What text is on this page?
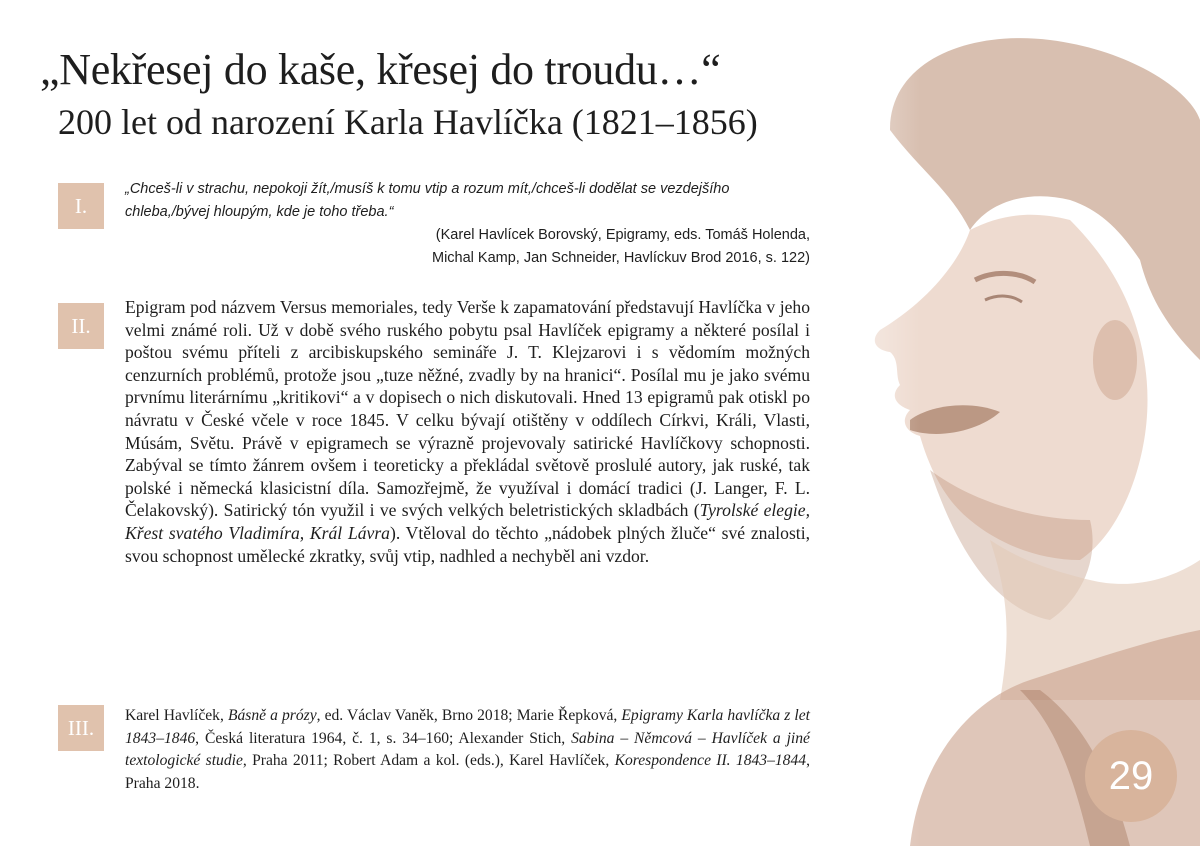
„Nekřesej do kaše, křesej do troudu…“
200 let od narození Karla Havlíčka (1821–1856)
I.

„Chceš-li v strachu, nepokoji žít,/musíš k tomu vtip a rozum mít,/chceš-li dodělat se vezdejšího chleba,/bývej hloupým, kde je toho třeba.“

(Karel Havlícek Borovský, Epigramy, eds. Tomáš Holenda,

Michal Kamp, Jan Schneider, Havlíckuv Brod 2016, s. 122)

II.

Epigram pod názvem Versus memoriales, tedy Verše k zapamatování představují Havlíčka v jeho velmi známé roli. Už v době svého ruského pobytu psal Havlíček epigramy a některé posílal i poštou svému příteli z arcibiskupského semináře J. T. Klejzarovi i s vědomím možných cenzurních problémů, protože jsou „tuze něžné, zvadly by na hranici“. Posílal mu je jako svému prvnímu literárnímu „kritikovi“ a v dopisech o nich diskutovali. Hned 13 epigramů pak otiskl po návratu v České včele v roce 1845. V celku bývají otištěny v oddílech Církvi, Králi, Vlasti, Músám, Světu. Právě v epigramech se výrazně projevovaly satirické Havlíčkovy schopnosti. Zabýval se tímto žánrem ovšem i teoreticky a překládal světově proslulé autory, jak ruské, tak polské i německá klasicistní díla. Samozřejmě, že využíval i domácí tradici (J. Langer, F. L. Čelakovský). Satirický tón využil i ve svých velkých beletristických skladbách (Tyrolské elegie, Křest svatého Vladimíra, Král Lávra). Vtěloval do těchto „nádobek plných žluče“ své znalosti, svou schopnost umělecké zkratky, svůj vtip, nadhled a nechyběl ani vzdor.

III.	Karel Havlíček, Básně a prózy, ed. Václav Vaněk, Brno 2018; Marie Řepková, Epigramy Karla havlíčka z let 1843–1846, Česká literatura 1964, č. 1, s. 34–160; Alexander Stich, Sabina – Němcová – Havlíček a jiné textologické studie, Praha 2011; Robert Adam a kol. (eds.), Karel Havlíček, Korespondence II. 1843–1844, Praha 2018.	29
